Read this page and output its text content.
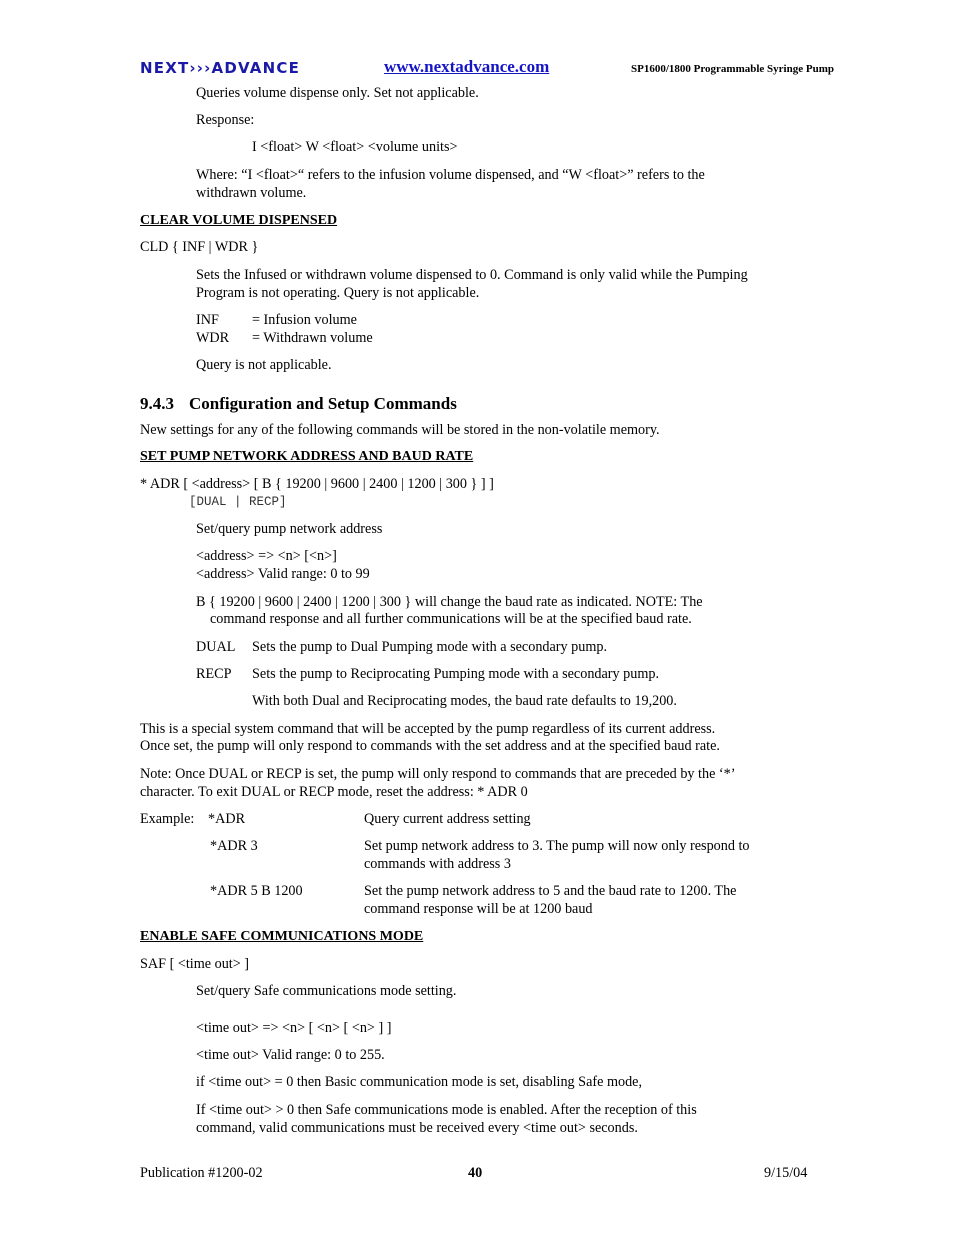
NEXT›››ADVANCE	www.nextadvance.com	SP1600/1800 Programmable Syringe Pump
Queries volume dispense only. Set not applicable.
Response:
I <float> W <float> <volume units>
Where: “I <float>“ refers to the infusion volume dispensed, and “W <float>” refers to the
withdrawn volume.
CLEAR VOLUME DISPENSED
CLD { INF | WDR }
Sets the Infused or withdrawn volume dispensed to 0. Command is only valid while the Pumping
Program is not operating. Query is not applicable.
INF = Infusion volume
WDR = Withdrawn volume
Query is not applicable.
9.4.3 Configuration and Setup Commands
New settings for any of the following commands will be stored in the non-volatile memory.
SET PUMP NETWORK ADDRESS AND BAUD RATE
* ADR [ <address> [ B { 19200 | 9600 | 2400 | 1200 | 300 } ] ]
[DUAL | RECP]
Set/query pump network address
<address> => <n> [<n>]
<address> Valid range: 0 to 99
B { 19200 | 9600 | 2400 | 1200 | 300 } will change the baud rate as indicated. NOTE: The
command response and all further communications will be at the specified baud rate.
DUAL Sets the pump to Dual Pumping mode with a secondary pump.
RECP Sets the pump to Reciprocating Pumping mode with a secondary pump.
With both Dual and Reciprocating modes, the baud rate defaults to 19,200.
This is a special system command that will be accepted by the pump regardless of its current address.
Once set, the pump will only respond to commands with the set address and at the specified baud rate.
Note: Once DUAL or RECP is set, the pump will only respond to commands that are preceded by the ‘*’
character. To exit DUAL or RECP mode, reset the address: * ADR 0
Example: *ADR	Query current address setting
*ADR 3	Set pump network address to 3. The pump will now only respond to
commands with address 3
*ADR 5 B 1200	Set the pump network address to 5 and the baud rate to 1200. The
command response will be at 1200 baud
ENABLE SAFE COMMUNICATIONS MODE
SAF [ <time out> ]
Set/query Safe communications mode setting.
<time out> => <n> [ <n> [ <n> ] ]
<time out> Valid range: 0 to 255.
if <time out> = 0 then Basic communication mode is set, disabling Safe mode,
If <time out> > 0 then Safe communications mode is enabled. After the reception of this
command, valid communications must be received every <time out> seconds.
Publication #1200-02	40	9/15/04
